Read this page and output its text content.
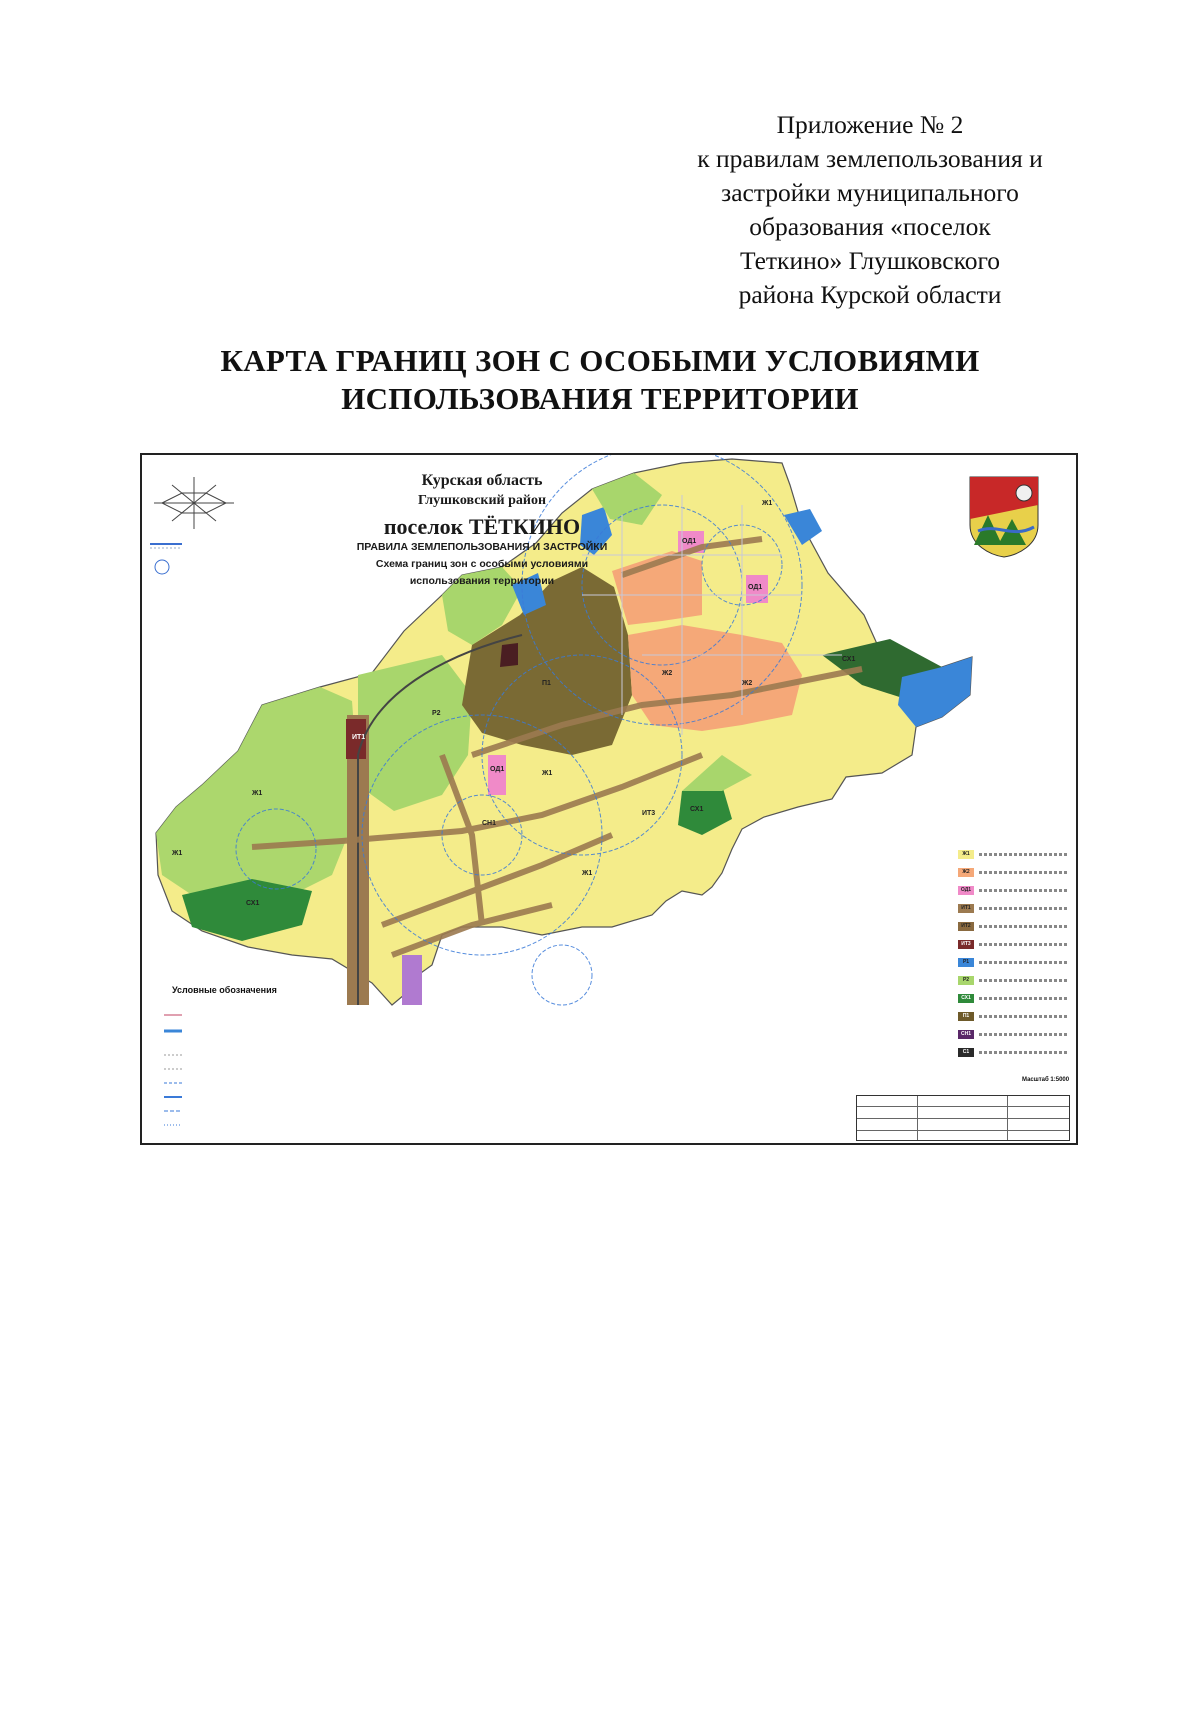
Приложение № 2
к правилам землепользования и
застройки муниципального
образования «поселок
Теткино» Глушковского
района Курской области
КАРТА ГРАНИЦ ЗОН С ОСОБЫМИ УСЛОВИЯМИ
ИСПОЛЬЗОВАНИЯ ТЕРРИТОРИИ
Ж1
Ж1
СХ1
Р2
П1
Ж2
Ж2
ОД1
ОД1
ОД1
СХ1
Ж1
Ж1
ИТ3
Ж1
СХ1
ИТ1
СН1
Курская область
Глушковский район
поселок ТЁТКИНО
ПРАВИЛА ЗЕМЛЕПОЛЬЗОВАНИЯ И ЗАСТРОЙКИ
Схема границ зон с особыми условиями
использования территории
Условные обозначения
Ж1
Ж2
ОД1
ИТ1
ИТ2
ИТ3
Р1
Р2
СХ1
П1
СН1
С1
Масштаб 1:5000
